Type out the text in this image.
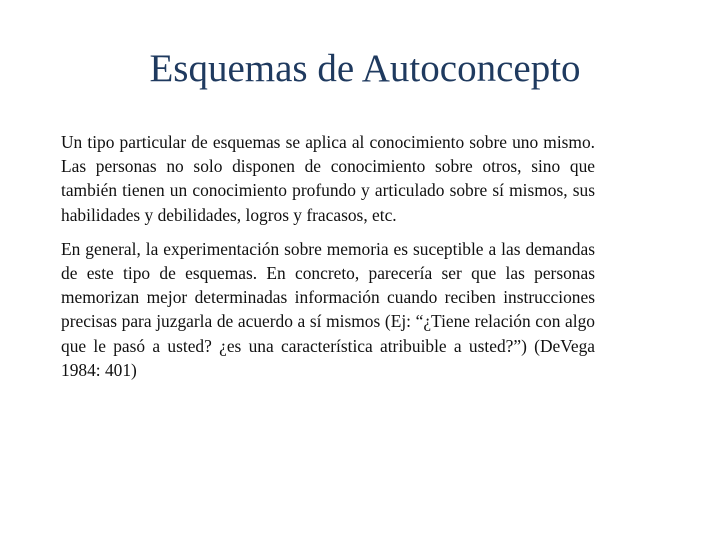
Esquemas de Autoconcepto

Un tipo particular de esquemas se aplica al conocimiento sobre uno mismo. Las personas no solo disponen de conocimiento sobre otros, sino que también tienen un conocimiento profundo y articulado sobre sí mismos, sus habilidades y debilidades, logros y fracasos, etc.

En general, la experimentación sobre memoria es suceptible a las demandas de este tipo de esquemas. En concreto, parecería ser que las personas memorizan mejor determinadas información cuando reciben instrucciones precisas para juzgarla de acuerdo a sí mismos (Ej: “¿Tiene relación con algo que le pasó a usted? ¿es una característica atribuible a usted?”) (DeVega 1984: 401)
